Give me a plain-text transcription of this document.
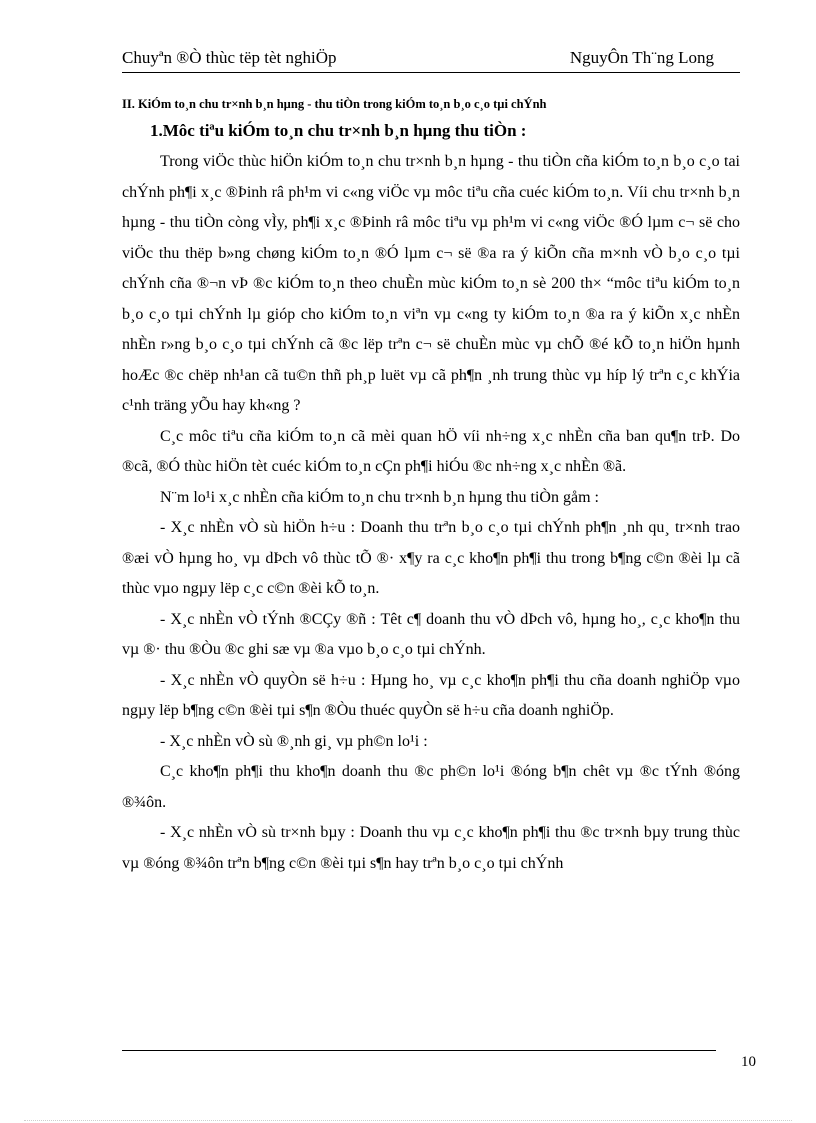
Chuyªn ®Ò thùc tëp tèt nghiÖp	NguyÔn Th¨ng Long
II. KiÓm to¸n chu tr×nh b¸n hµng - thu tiÒn trong kiÓm to¸n b¸o c¸o tµi chÝnh
1.Môc tiªu kiÓm to¸n chu tr×nh b¸n hµng thu tiÒn :

Trong viÖc thùc hiÖn kiÓm to¸n chu tr×nh b¸n hµng - thu tiÒn cña kiÓm to¸n b¸o c¸o tai chÝnh ph¶i x¸c ®Þinh râ ph¹m vi c«ng viÖc vµ môc tiªu cña cuéc kiÓm to¸n. Víi chu tr×nh b¸n hµng - thu tiÒn còng vÌy, ph¶i x¸c ®Þinh râ môc tiªu vµ ph¹m vi c«ng viÖc ®Ó lµm c¬ së cho viÖc thu thëp b»ng chøng kiÓm to¸n ®Ó lµm c¬ së ®a ra ý kiÕn cña m×nh vÒ b¸o c¸o tµi chÝnh cña ®¬n vÞ ®c kiÓm to¸n theo chuÈn mùc kiÓm to¸n sè 200 th× “môc tiªu kiÓm to¸n b¸o c¸o tµi chÝnh lµ gióp cho kiÓm to¸n viªn vµ c«ng ty kiÓm to¸n ®a ra ý kiÕn x¸c nhÈn nhÈn r»ng b¸o c¸o tµi chÝnh cã ®c lëp trªn c¬ së chuÈn mùc vµ chÕ ®é kÕ to¸n hiÖn hµnh hoÆc ®c chëp nh¹an cã tu©n thñ ph¸p luët vµ cã ph¶n ¸nh trung thùc vµ híp lý trªn c¸c khÝia c¹nh träng yÕu hay kh«ng ?

C¸c môc tiªu cña kiÓm to¸n cã mèi quan hÖ víi nh÷ng x¸c nhÈn cña ban qu¶n trÞ. Do ®cã, ®Ó thùc hiÖn tèt cuéc kiÓm to¸n cÇn ph¶i hiÓu ®c nh÷ng x¸c nhÈn ®ã.

N¨m lo¹i x¸c nhÈn cña kiÓm to¸n chu tr×nh b¸n hµng thu tiÒn gåm :

- X¸c nhÈn vÒ sù hiÖn h÷u : Doanh thu trªn b¸o c¸o tµi chÝnh ph¶n ¸nh qu¸ tr×nh trao ®æi vÒ hµng ho¸ vµ dÞch vô thùc tÕ ®· x¶y ra c¸c kho¶n ph¶i thu trong b¶ng c©n ®èi lµ cã thùc vµo ngµy lëp c¸c c©n ®èi kÕ to¸n.

- X¸c nhÈn vÒ tÝnh ®CÇy ®ñ : Têt c¶ doanh thu vÒ dÞch vô, hµng ho¸, c¸c kho¶n thu vµ ®· thu ®Òu ®c ghi sæ vµ ®a vµo b¸o c¸o tµi chÝnh.

- X¸c nhÈn vÒ quyÒn së h÷u : Hµng ho¸ vµ c¸c kho¶n ph¶i thu cña doanh nghiÖp vµo ngµy lëp b¶ng c©n ®èi tµi s¶n ®Òu thuéc quyÒn së h÷u cña doanh nghiÖp.

- X¸c nhÈn vÒ sù ®¸nh gi¸ vµ ph©n lo¹i :

C¸c kho¶n ph¶i thu kho¶n doanh thu ®c ph©n lo¹i ®óng b¶n chêt vµ ®c tÝnh ®óng ®¾ôn.

- X¸c nhÈn vÒ sù tr×nh bµy : Doanh thu vµ c¸c kho¶n ph¶i thu ®c tr×nh bµy trung thùc vµ ®óng ®¾ôn trªn b¶ng c©n ®èi tµi s¶n hay trªn b¸o c¸o tµi chÝnh

10
